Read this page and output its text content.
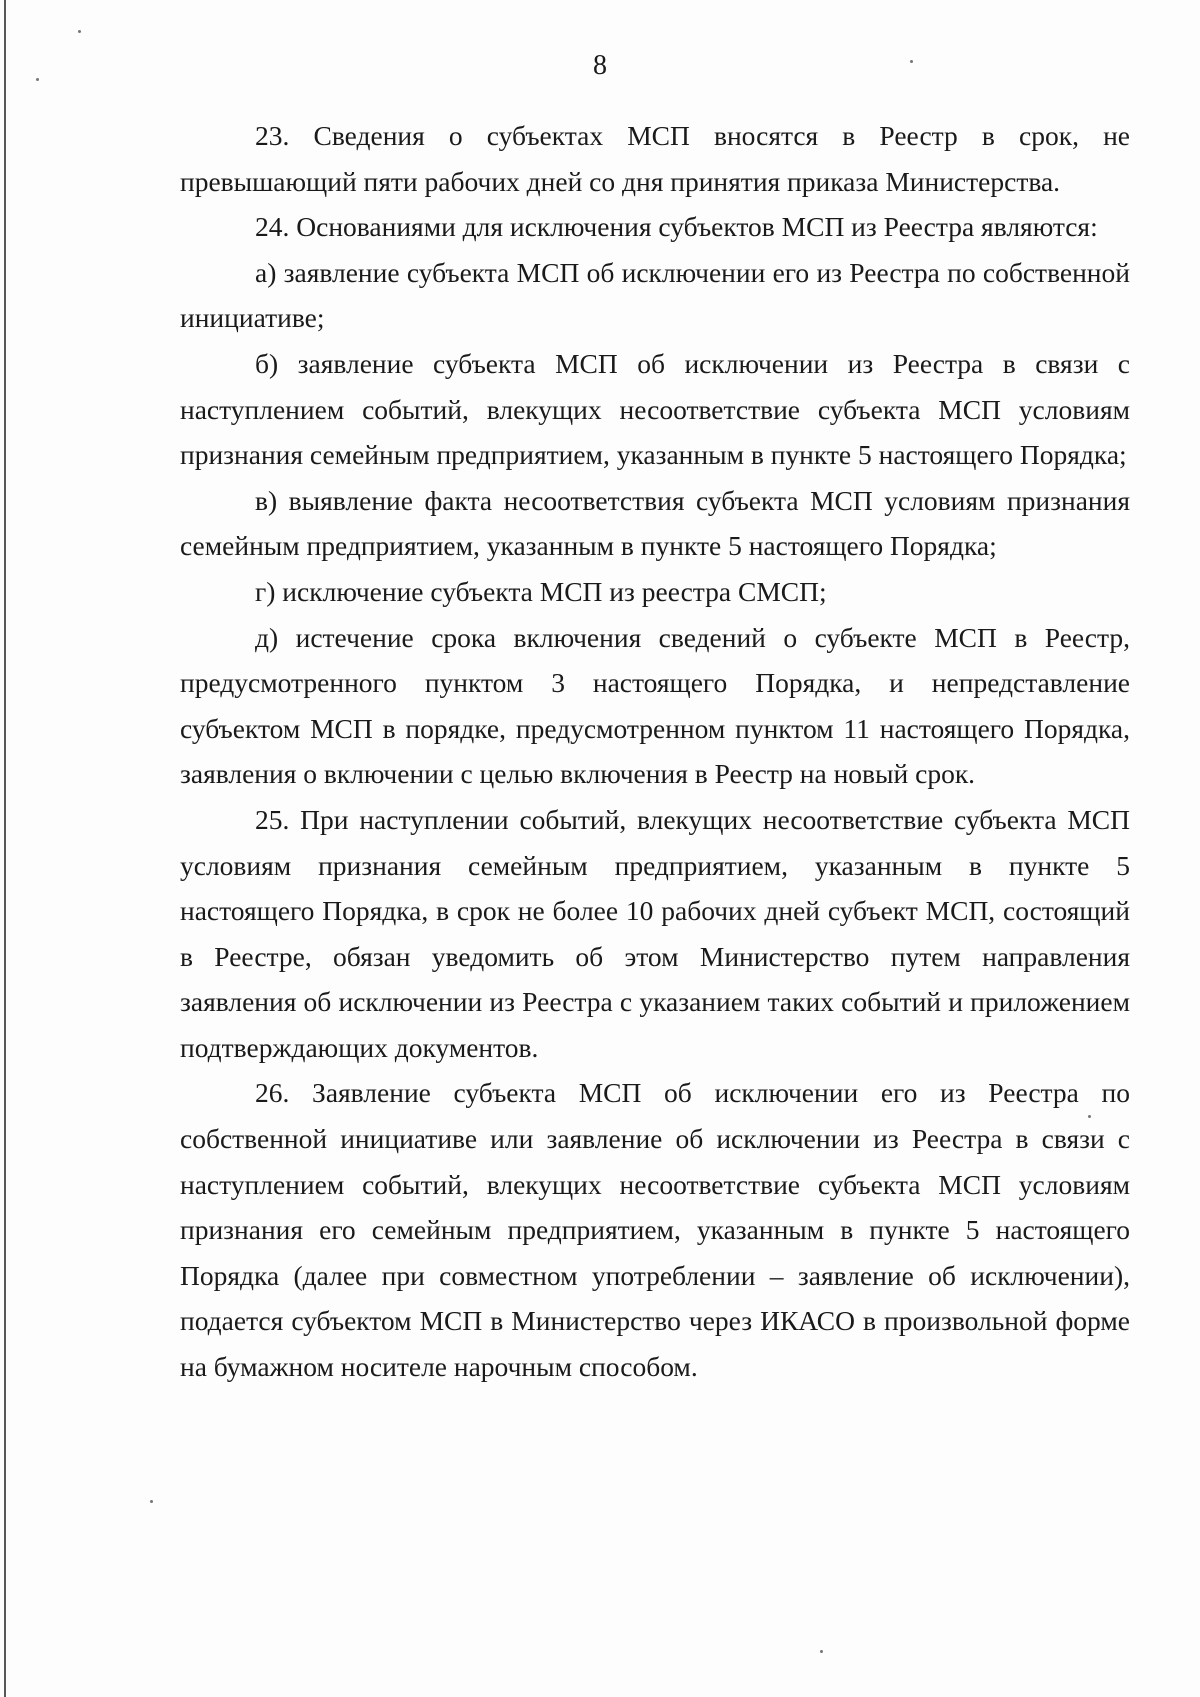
8

23. Сведения о субъектах МСП вносятся в Реестр в срок, не превышающий пяти рабочих дней со дня принятия приказа Министерства.

24. Основаниями для исключения субъектов МСП из Реестра являются:

а) заявление субъекта МСП об исключении его из Реестра по собственной инициативе;

б) заявление субъекта МСП об исключении из Реестра в связи с наступлением событий, влекущих несоответствие субъекта МСП условиям признания семейным предприятием, указанным в пункте 5 настоящего Порядка;

в) выявление факта несоответствия субъекта МСП условиям признания семейным предприятием, указанным в пункте 5 настоящего Порядка;

г) исключение субъекта МСП из реестра СМСП;

д) истечение срока включения сведений о субъекте МСП в Реестр, предусмотренного пунктом 3 настоящего Порядка, и непредставление субъектом МСП в порядке, предусмотренном пунктом 11 настоящего Порядка, заявления о включении с целью включения в Реестр на новый срок.

25. При наступлении событий, влекущих несоответствие субъекта МСП условиям признания семейным предприятием, указанным в пункте 5 настоящего Порядка, в срок не более 10 рабочих дней субъект МСП, состоящий в Реестре, обязан уведомить об этом Министерство путем направления заявления об исключении из Реестра с указанием таких событий и приложением подтверждающих документов.

26. Заявление субъекта МСП об исключении его из Реестра по собственной инициативе или заявление об исключении из Реестра в связи с наступлением событий, влекущих несоответствие субъекта МСП условиям признания его семейным предприятием, указанным в пункте 5 настоящего Порядка (далее при совместном употреблении – заявление об исключении), подается субъектом МСП в Министерство через ИКАСО в произвольной форме на бумажном носителе нарочным способом.
